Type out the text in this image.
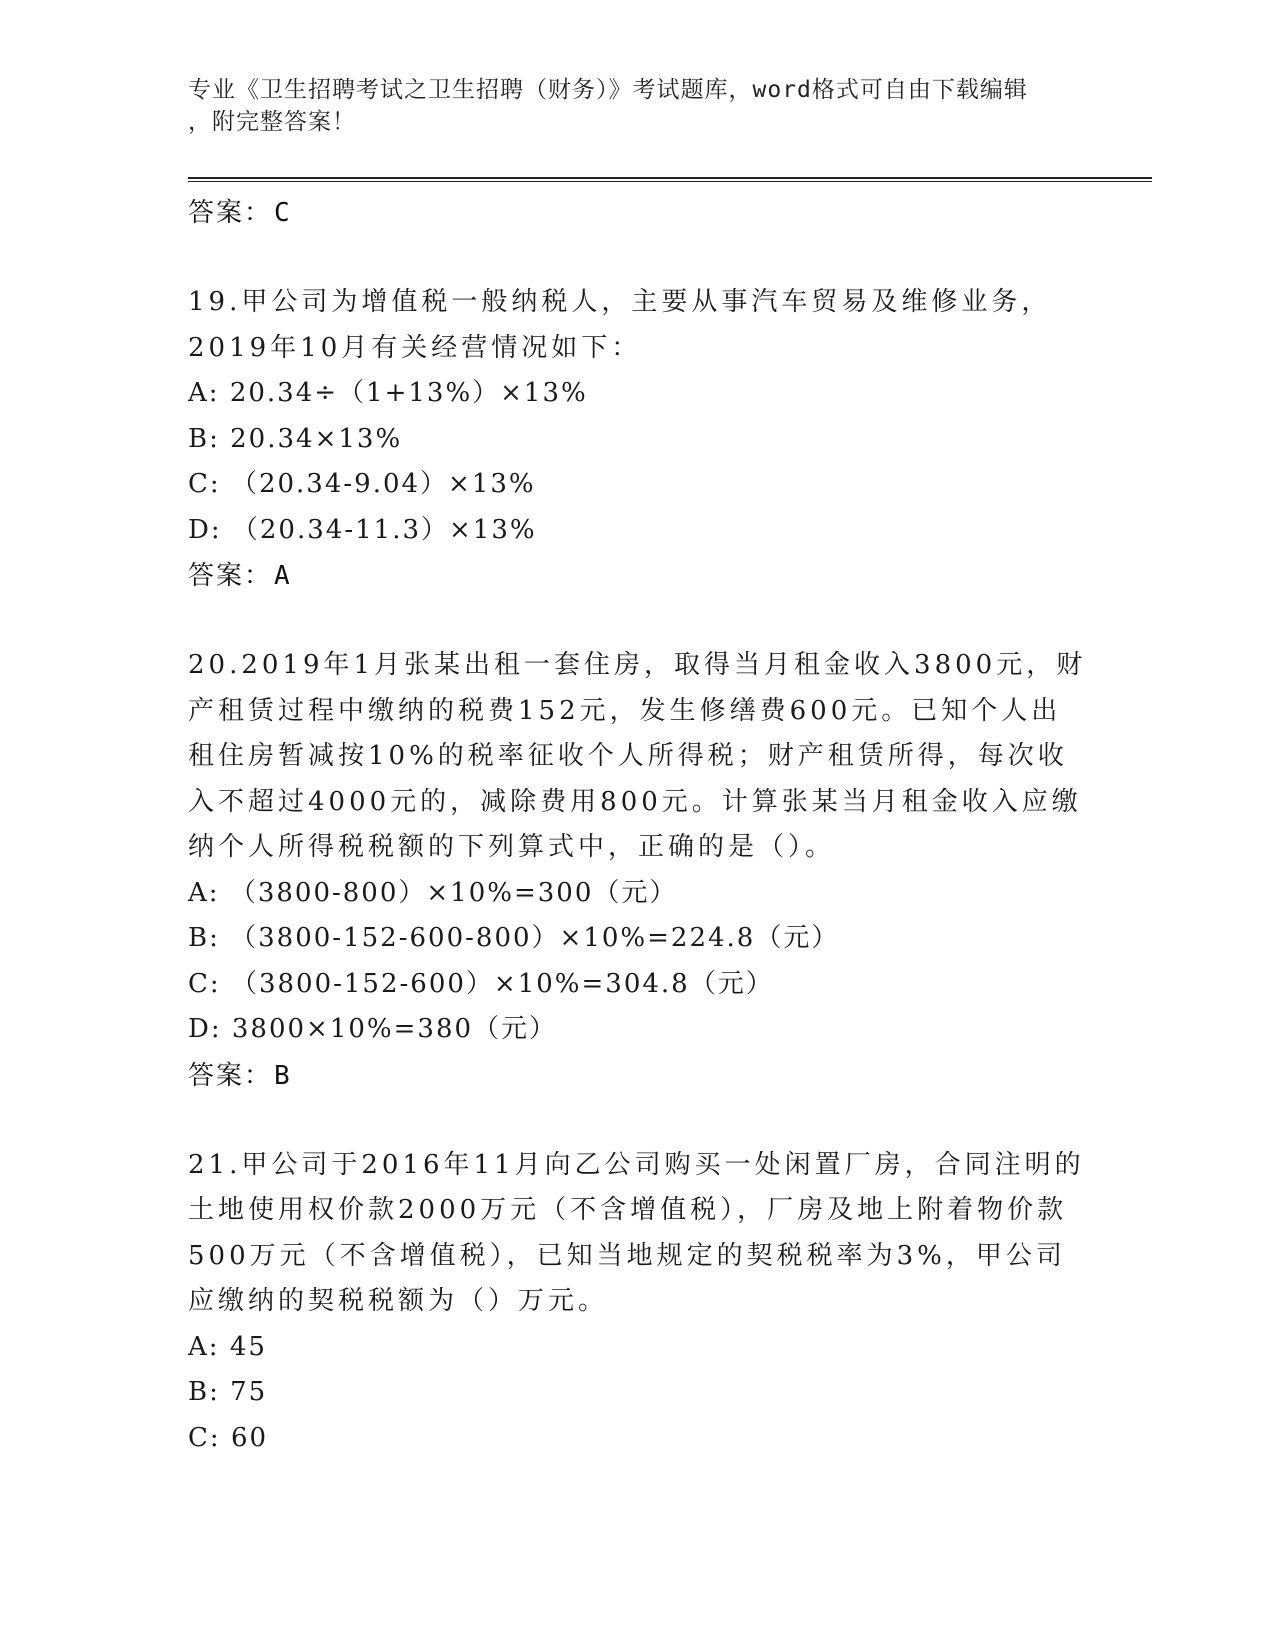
专业《卫生招聘考试之卫生招聘（财务）》考试题库，word格式可自由下载编辑
，附完整答案！
答案：C
19.甲公司为增值税一般纳税人，主要从事汽车贸易及维修业务，2019年10月有关经营情况如下：
A: 20.34÷（1+13%）×13%
B: 20.34×13%
C: （20.34-9.04）×13%
D: （20.34-11.3）×13%
答案：A
20.2019年1月张某出租一套住房，取得当月租金收入3800元，财产租赁过程中缴纳的税费152元，发生修缮费600元。已知个人出租住房暂减按10%的税率征收个人所得税；财产租赁所得，每次收入不超过4000元的，减除费用800元。计算张某当月租金收入应缴纳个人所得税税额的下列算式中，正确的是（）。
A: （3800-800）×10%=300（元）
B: （3800-152-600-800）×10%=224.8（元）
C: （3800-152-600）×10%=304.8（元）
D: 3800×10%=380（元）
答案：B
21.甲公司于2016年11月向乙公司购买一处闲置厂房，合同注明的土地使用权价款2000万元（不含增值税），厂房及地上附着物价款500万元（不含增值税），已知当地规定的契税税率为3%，甲公司应缴纳的契税税额为（）万元。
A: 45
B: 75
C: 60
